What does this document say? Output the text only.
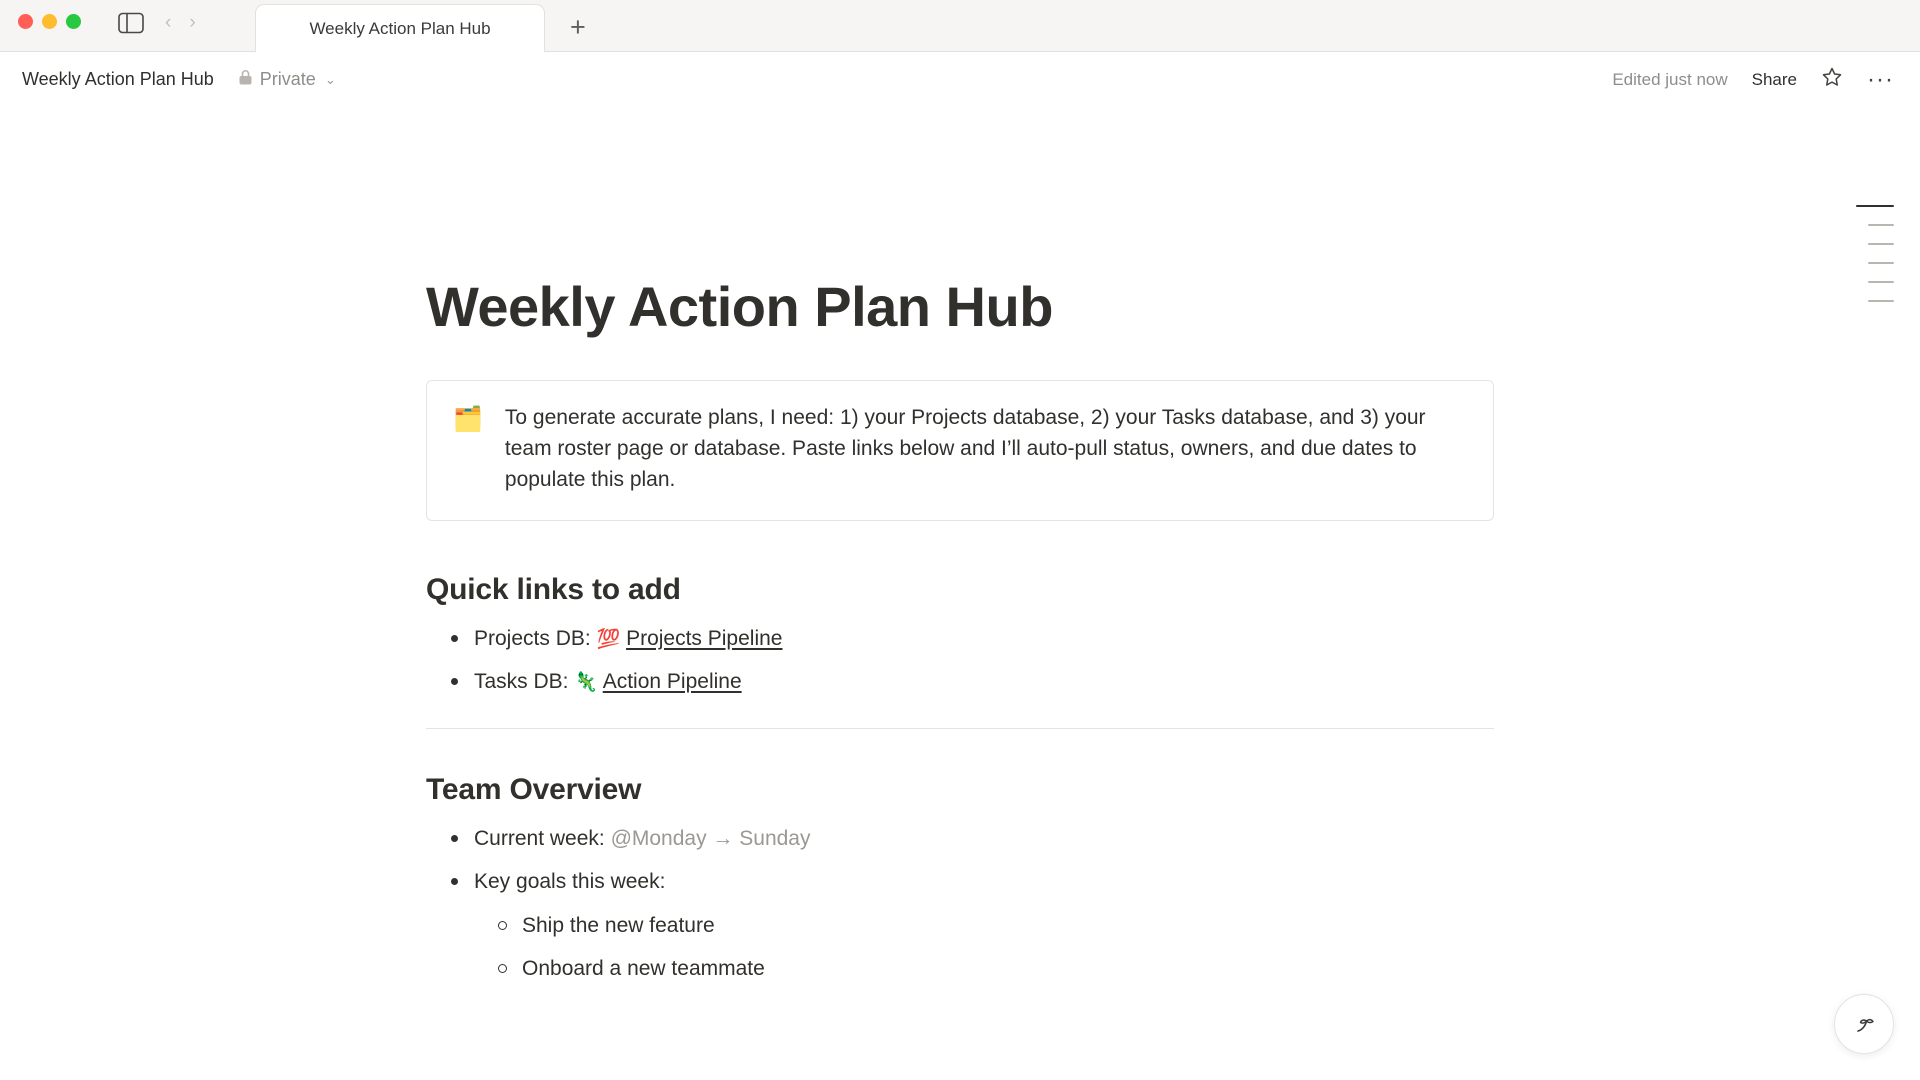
‹ ›	Weekly Action Plan Hub	+
Weekly Action Plan Hub	Private ⌄	Edited just now Share	···
Weekly Action Plan Hub
🗂️ To generate accurate plans, I need: 1) your Projects database, 2) your Tasks database, and 3) your team roster page or database. Paste links below and I’ll auto-pull status, owners, and due dates to populate this plan.
Quick links to add
Projects DB: 💯 Projects Pipeline
Tasks DB: 🦎 Action Pipeline
Team Overview
Current week: @Monday → Sunday
Key goals this week:
Ship the new feature
Onboard a new teammate
